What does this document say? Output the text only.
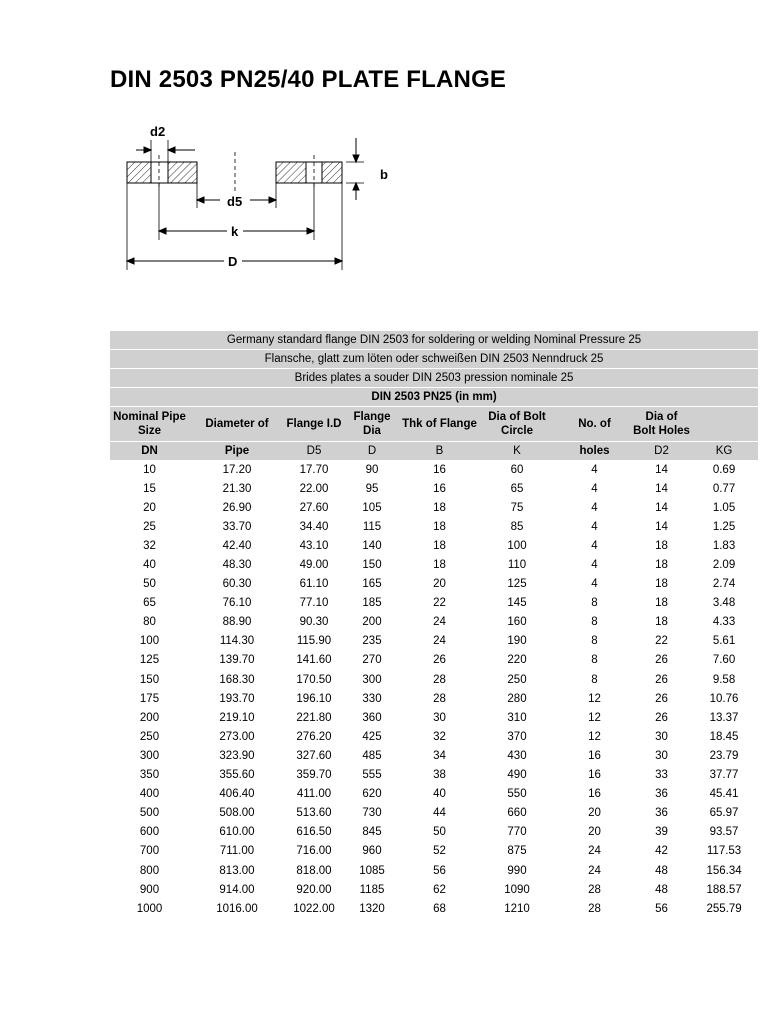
DIN 2503 PN25/40 PLATE FLANGE
d2
b
d5
k
D
Germany standard flange DIN 2503 for soldering or welding Nominal Pressure 25								
Flansche, glatt zum löten oder schweißen DIN 2503 Nenndruck 25								
Brides plates a souder DIN 2503 pression nominale 25								
DIN 2503 PN25 (in mm)								
Nominal Pipe Size	Diameter of	Flange I.D	Flange Dia	Thk of Flange	Dia of Bolt Circle	No. of	Dia of Bolt Holes	
DN	Pipe	D5	D	B	K	holes	D2	KG
10	17.20	17.70	90	16	60	4	14	0.69
15	21.30	22.00	95	16	65	4	14	0.77
20	26.90	27.60	105	18	75	4	14	1.05
25	33.70	34.40	115	18	85	4	14	1.25
32	42.40	43.10	140	18	100	4	18	1.83
40	48.30	49.00	150	18	110	4	18	2.09
50	60.30	61.10	165	20	125	4	18	2.74
65	76.10	77.10	185	22	145	8	18	3.48
80	88.90	90.30	200	24	160	8	18	4.33
100	114.30	115.90	235	24	190	8	22	5.61
125	139.70	141.60	270	26	220	8	26	7.60
150	168.30	170.50	300	28	250	8	26	9.58
175	193.70	196.10	330	28	280	12	26	10.76
200	219.10	221.80	360	30	310	12	26	13.37
250	273.00	276.20	425	32	370	12	30	18.45
300	323.90	327.60	485	34	430	16	30	23.79
350	355.60	359.70	555	38	490	16	33	37.77
400	406.40	411.00	620	40	550	16	36	45.41
500	508.00	513.60	730	44	660	20	36	65.97
600	610.00	616.50	845	50	770	20	39	93.57
700	711.00	716.00	960	52	875	24	42	117.53
800	813.00	818.00	1085	56	990	24	48	156.34
900	914.00	920.00	1185	62	1090	28	48	188.57
1000	1016.00	1022.00	1320	68	1210	28	56	255.79
